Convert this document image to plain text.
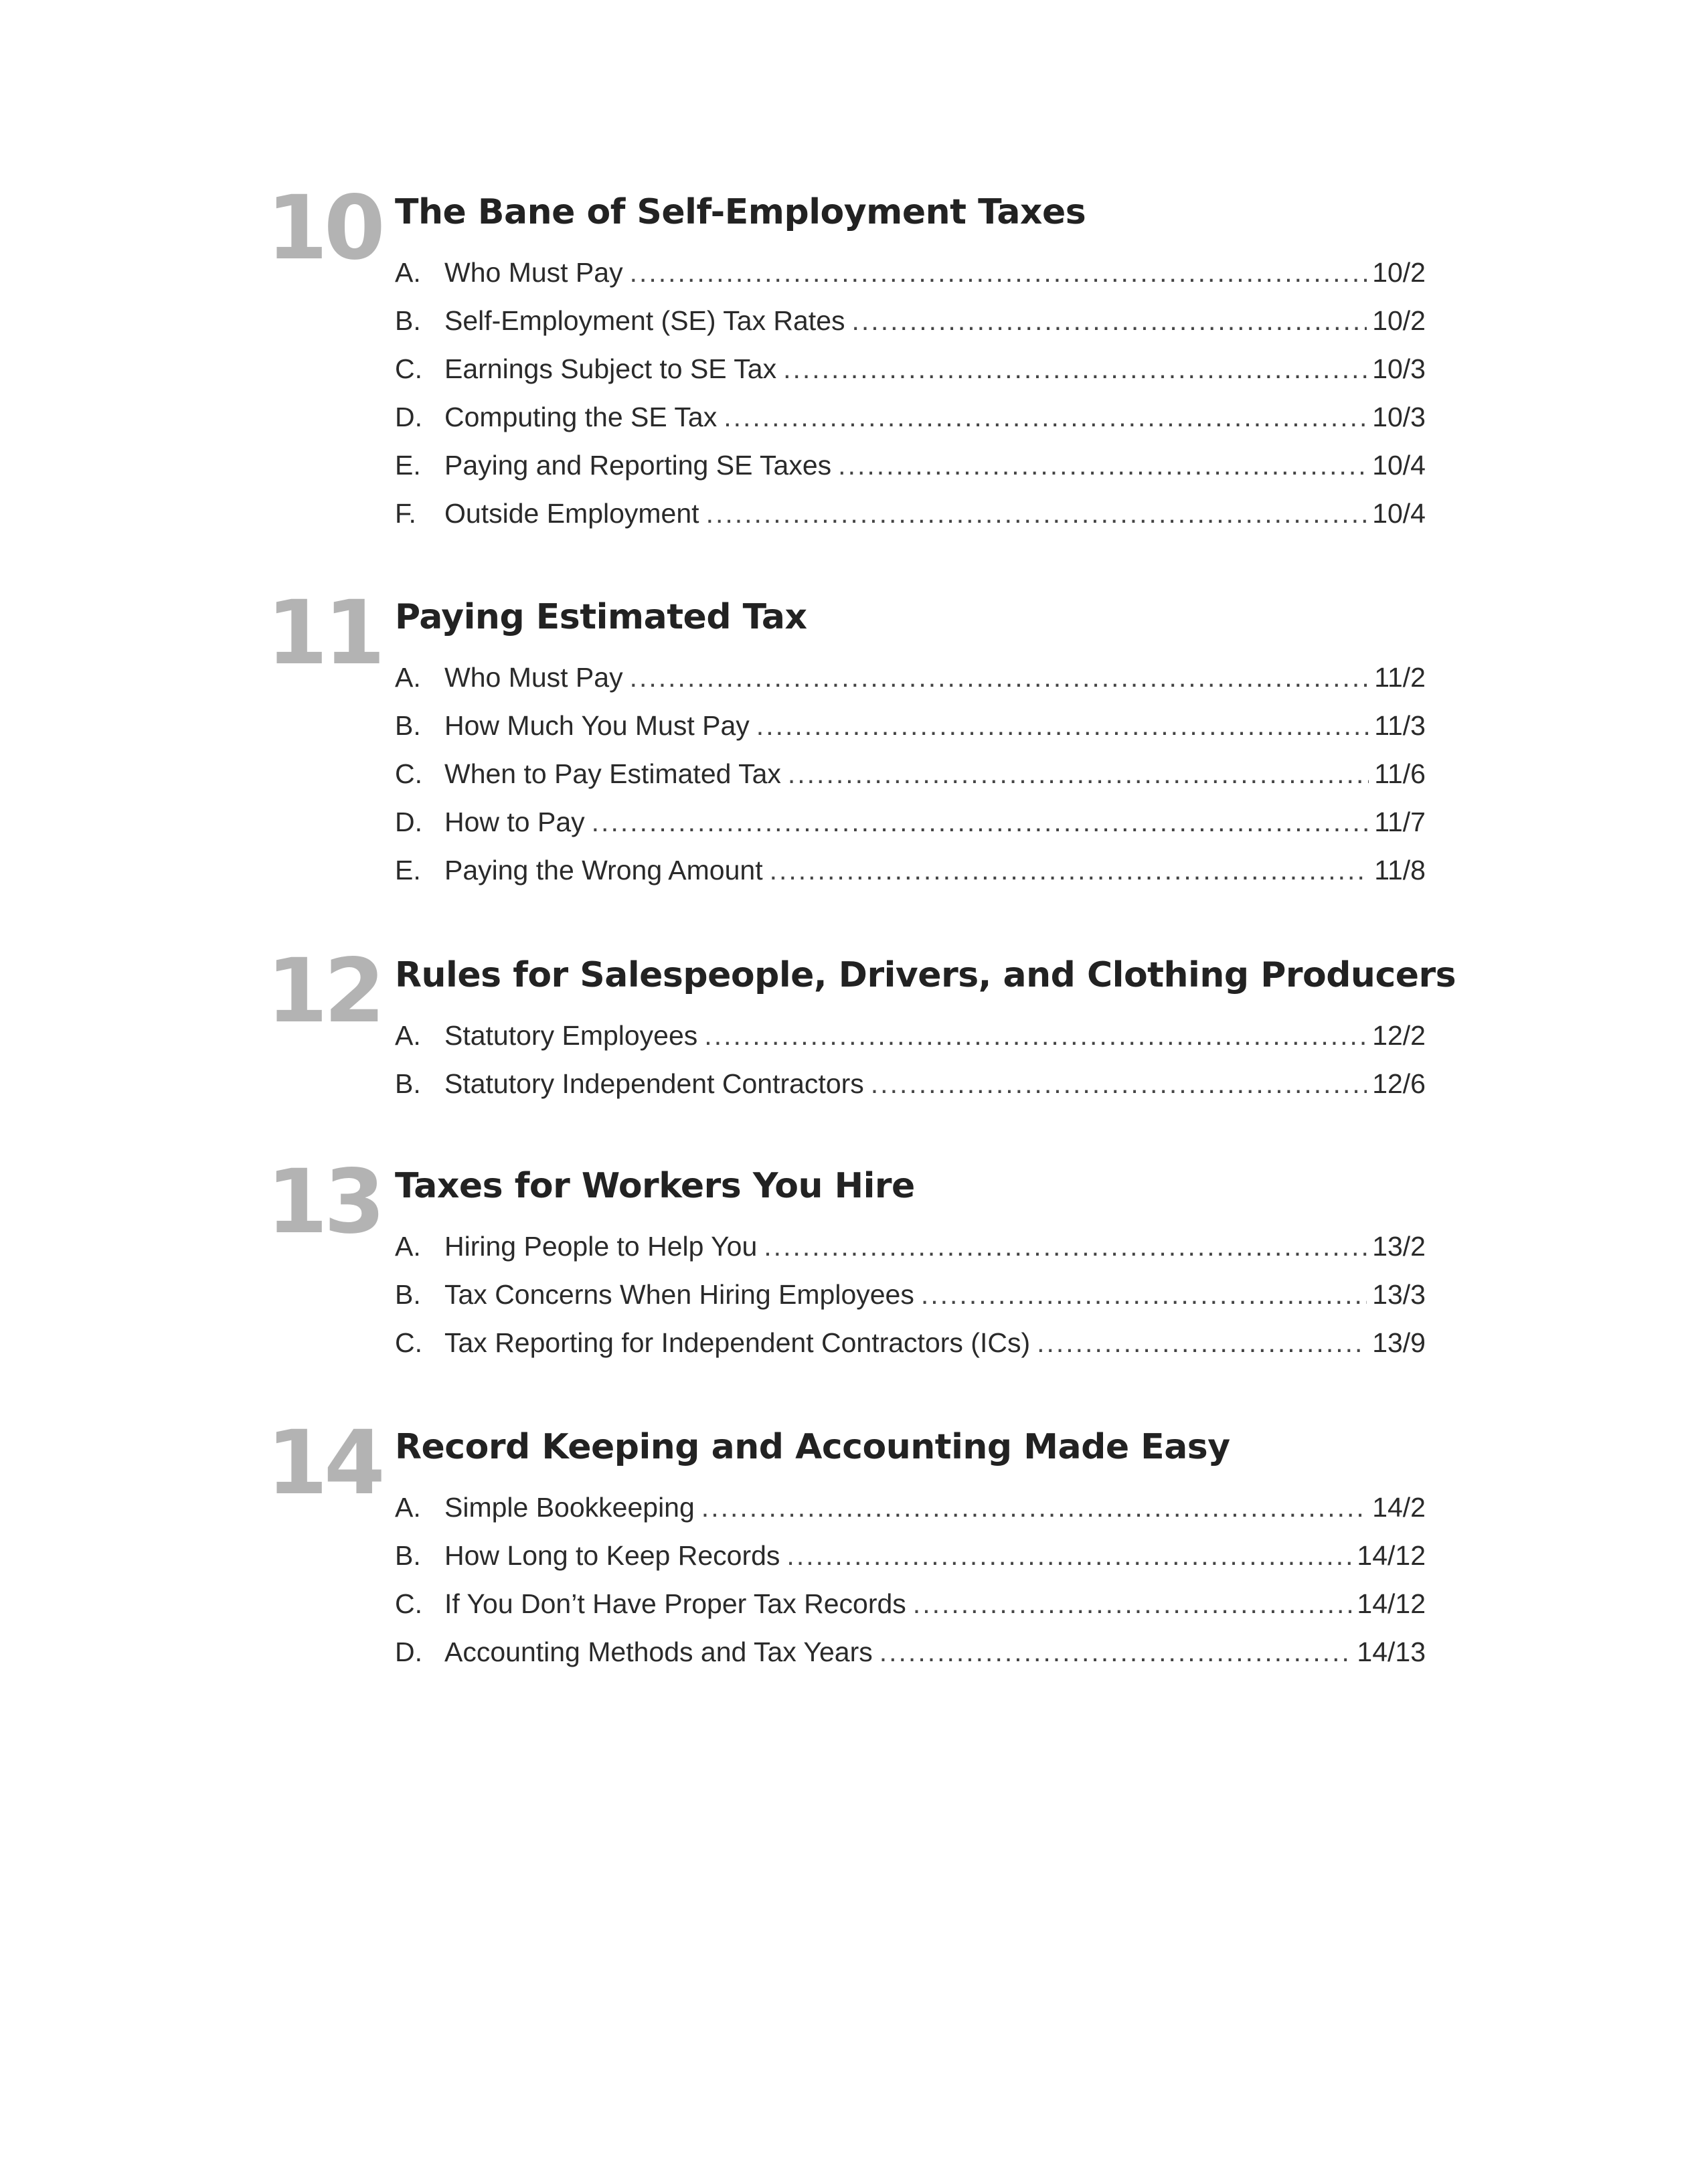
10 The Bane of Self-Employment Taxes
A. Who Must Pay .....	10/2
B. Self-Employment (SE) Tax Rates .....	10/2
C. Earnings Subject to SE Tax .....	10/3
D. Computing the SE Tax .....	10/3
E. Paying and Reporting SE Taxes .....	10/4
F.	Outside Employment .....	10/4
11 Paying Estimated Tax
A. Who Must Pay .....	11/2
B. How Much You Must Pay .....	11/3
C. When to Pay Estimated Tax .....	11/6
D. How to Pay .....	11/7
E. Paying the Wrong Amount .....	11/8
12 Rules for Salespeople, Drivers, and Clothing Producers
A. Statutory Employees .....	12/2
B. Statutory Independent Contractors .....	12/6
13 Taxes for Workers You Hire
A. Hiring People to Help You .....	13/2
B. Tax Concerns When Hiring Employees .....	13/3
C. Tax Reporting for Independent Contractors (ICs) .....	13/9
14 Record Keeping and Accounting Made Easy
A. Simple Bookkeeping .....	14/2
B. How Long to Keep Records .....	14/12
C. If You Don’t Have Proper Tax Records .....	14/12
D. Accounting Methods and Tax Years .....	14/13
